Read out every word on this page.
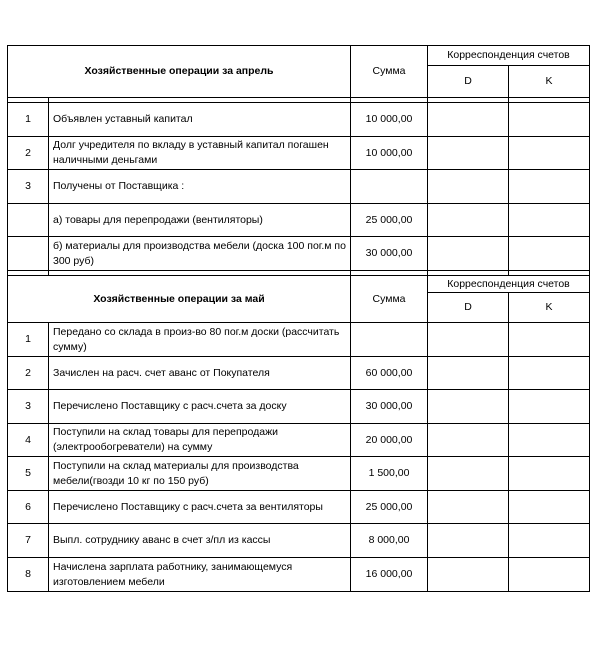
Хозяйственные операции за апрель		Сумма	Корреспонденция счетов	
			D	K

1	Объявлен уставный капитал	10 000,00		
2	Долг учредителя по вкладу в уставный капитал погашен наличными деньгами	10 000,00		
3	Получены от Поставщика :			
	а) товары для перепродажи (вентиляторы)	25 000,00		
	б) материалы для производства мебели (доска 100 пог.м по 300 руб)	30 000,00		

Хозяйственные операции за май		Сумма	Корреспонденция счетов	
			D	K
1	Передано со склада в произ-во 80 пог.м доски (рассчитать сумму)			
2	Зачислен на расч. счет аванс от Покупателя	60 000,00		
3	Перечислено Поставщику с расч.счета за доску	30 000,00		
4	Поступили на склад товары для перепродажи (электрообогреватели) на сумму	20 000,00		
5	Поступили на склад материалы для производства мебели(гвозди 10 кг по 150 руб)	1 500,00		
6	Перечислено Поставщику с расч.счета за вентиляторы	25 000,00		
7	Выпл. сотруднику аванс в счет з/пл из кассы	8 000,00		
8	Начислена зарплата работнику, занимающемуся изготовлением мебели	16 000,00		
